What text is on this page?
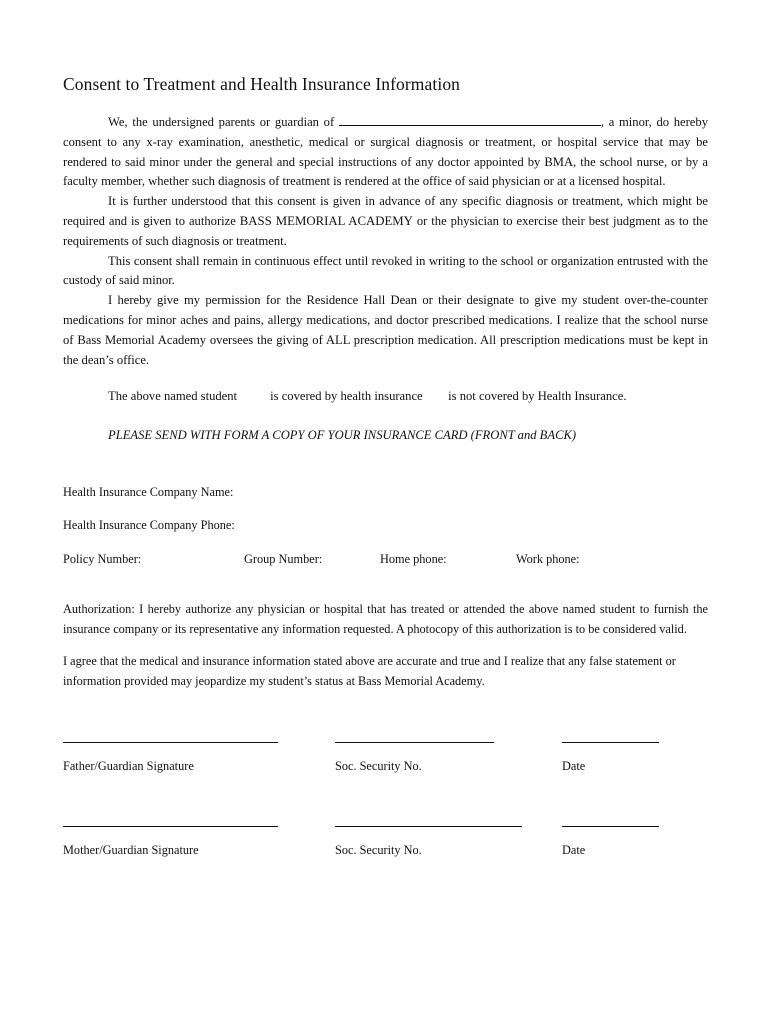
Consent to Treatment and Health Insurance Information

We, the undersigned parents or guardian of	, a minor, do hereby consent to any x-ray examination, anesthetic, medical or surgical diagnosis or treatment, or hospital service that may be rendered to said minor under the general and special instructions of any doctor appointed by BMA, the school nurse, or by a faculty member, whether such diagnosis of treatment is rendered at the office of said physician or at a licensed hospital.

It is further understood that this consent is given in advance of any specific diagnosis or treatment, which might be required and is given to authorize BASS MEMORIAL ACADEMY or the physician to exercise their best judgment as to the requirements of such diagnosis or treatment.

This consent shall remain in continuous effect until revoked in writing to the school or organization entrusted with the custody of said minor.

I hereby give my permission for the Residence Hall Dean or their designate to give my student over-the-counter medications for minor aches and pains, allergy medications, and doctor prescribed medications. I realize that the school nurse of Bass Memorial Academy oversees the giving of ALL prescription medication. All prescription medications must be kept in the dean’s office.

The above named student	is covered by health insurance	is not covered by Health Insurance.
PLEASE SEND WITH FORM A COPY OF YOUR INSURANCE CARD (FRONT and BACK)
Health Insurance Company Name:
Health Insurance Company Phone:
Policy Number:	Group Number:	Home phone:	Work phone:

Authorization: I hereby authorize any physician or hospital that has treated or attended the above named student to furnish the insurance company or its representative any information requested. A photocopy of this authorization is to be considered valid.

I agree that the medical and insurance information stated above are accurate and true and I realize that any false statement or information provided may jeopardize my student’s status at Bass Memorial Academy.

Father/Guardian Signature	Soc. Security No.	Date
Mother/Guardian Signature	Soc. Security No.	Date
